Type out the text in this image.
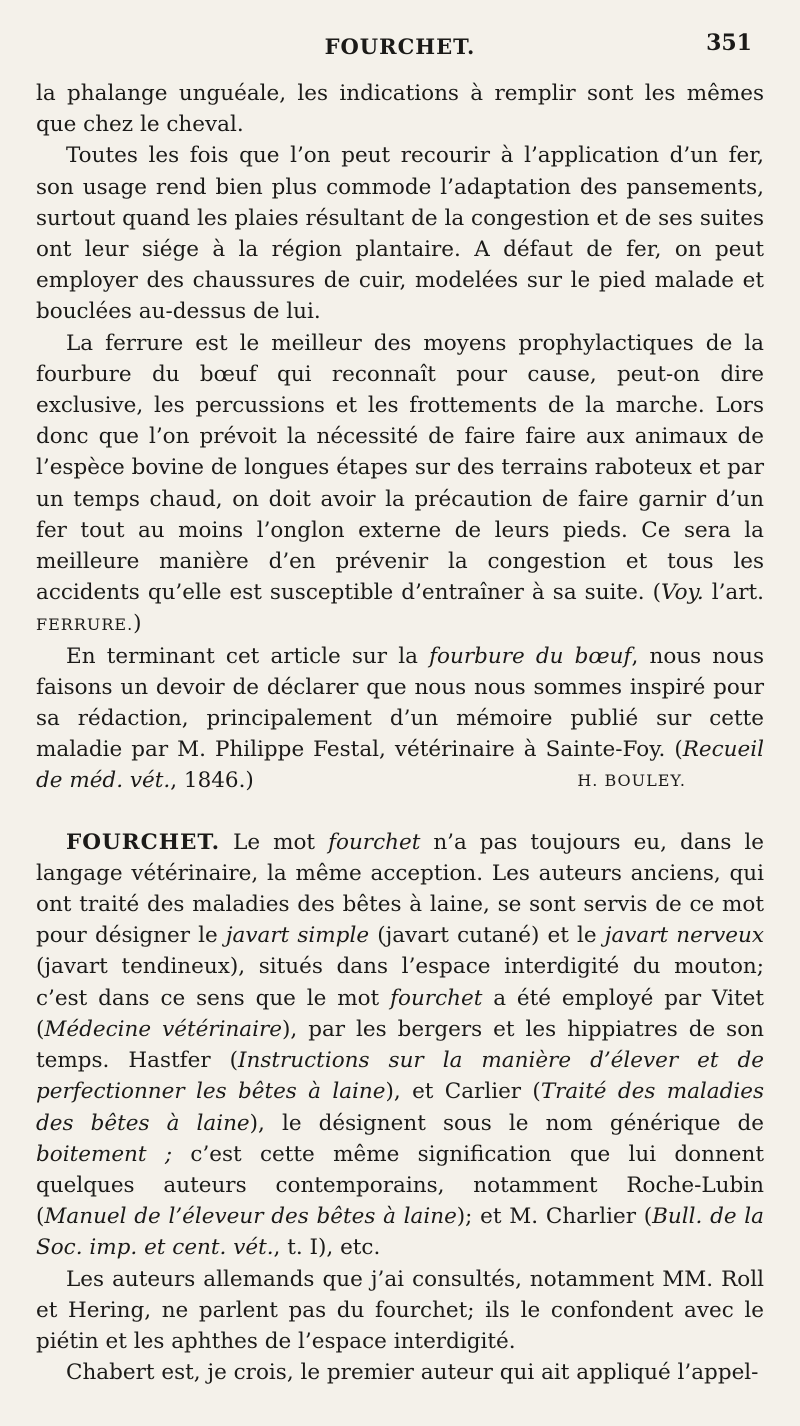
FOURCHET.	351

la phalange unguéale, les indications à remplir sont les mêmes que chez le cheval.

Toutes les fois que l’on peut recourir à l’application d’un fer, son usage rend bien plus commode l’adaptation des pansements, surtout quand les plaies résultant de la congestion et de ses suites ont leur siége à la région plantaire. A défaut de fer, on peut employer des chaussures de cuir, modelées sur le pied malade et bouclées au-dessus de lui.

La ferrure est le meilleur des moyens prophylactiques de la fourbure du bœuf qui reconnaît pour cause, peut-on dire exclusive, les percussions et les frottements de la marche. Lors donc que l’on prévoit la nécessité de faire faire aux animaux de l’espèce bovine de longues étapes sur des terrains raboteux et par un temps chaud, on doit avoir la précaution de faire garnir d’un fer tout au moins l’onglon externe de leurs pieds. Ce sera la meilleure manière d’en prévenir la congestion et tous les accidents qu’elle est susceptible d’entraîner à sa suite. (Voy. l’art. FERRURE.)

En terminant cet article sur la fourbure du bœuf, nous nous faisons un devoir de déclarer que nous nous sommes inspiré pour sa rédaction, principalement d’un mémoire publié sur cette maladie par M. Philippe Festal, vétérinaire à Sainte-Foy. (Recueil de méd. vét., 1846.)	H. BOULEY.

FOURCHET. Le mot fourchet n’a pas toujours eu, dans le langage vétérinaire, la même acception. Les auteurs anciens, qui ont traité des maladies des bêtes à laine, se sont servis de ce mot pour désigner le javart simple (javart cutané) et le javart nerveux (javart tendineux), situés dans l’espace interdigité du mouton; c’est dans ce sens que le mot fourchet a été employé par Vitet (Médecine vétérinaire), par les bergers et les hippiatres de son temps. Hastfer (Instructions sur la manière d’élever et de perfectionner les bêtes à laine), et Carlier (Traité des maladies des bêtes à laine), le désignent sous le nom générique de boitement ; c’est cette même signification que lui donnent quelques auteurs contemporains, notamment Roche-Lubin (Manuel de l’éleveur des bêtes à laine); et M. Charlier (Bull. de la Soc. imp. et cent. vét., t. I), etc.

Les auteurs allemands que j’ai consultés, notamment MM. Roll et Hering, ne parlent pas du fourchet; ils le confondent avec le piétin et les aphthes de l’espace interdigité.

Chabert est, je crois, le premier auteur qui ait appliqué l’appel-
